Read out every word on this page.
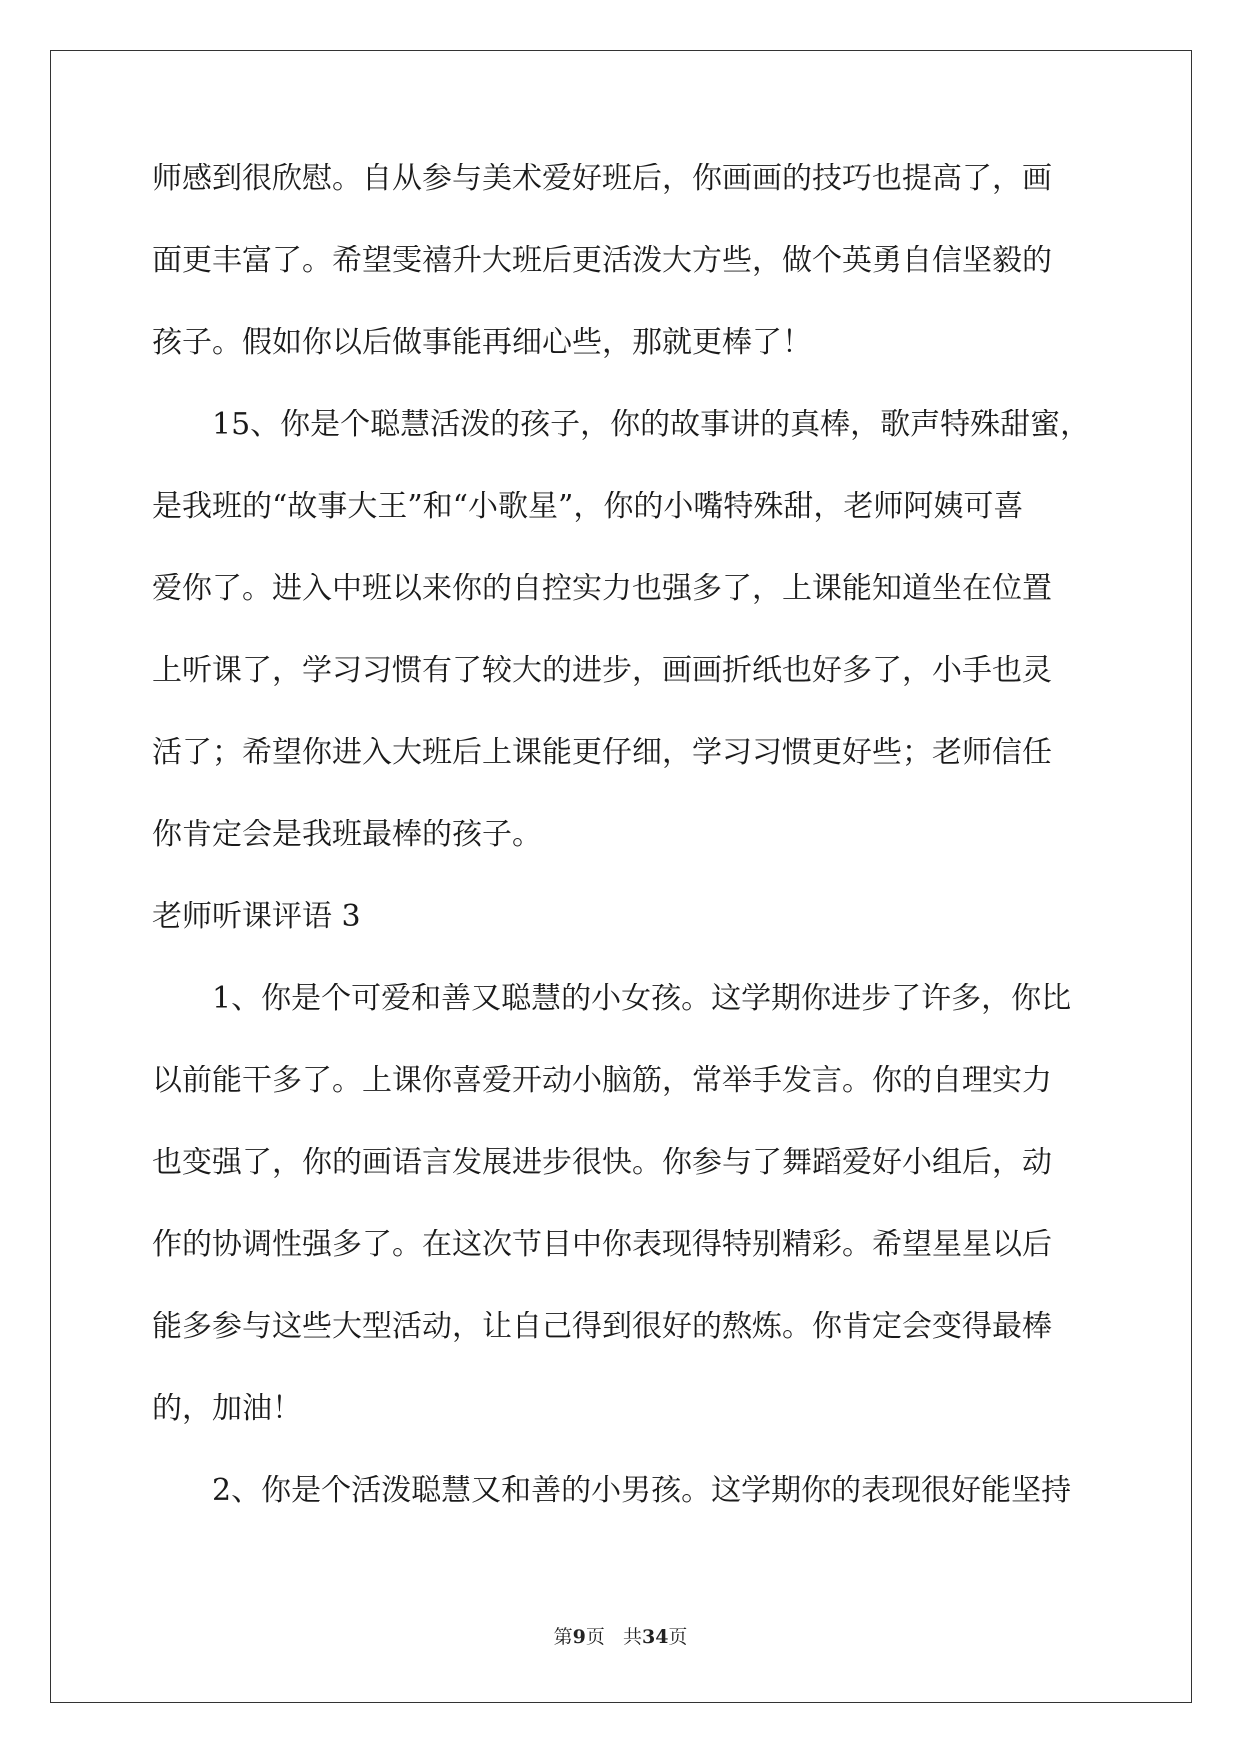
师感到很欣慰。自从参与美术爱好班后，你画画的技巧也提高了，画
面更丰富了。希望雯禧升大班后更活泼大方些，做个英勇自信坚毅的
孩子。假如你以后做事能再细心些，那就更棒了！
　　15、你是个聪慧活泼的孩子，你的故事讲的真棒，歌声特殊甜蜜，
是我班的“故事大王”和“小歌星”，你的小嘴特殊甜，老师阿姨可喜
爱你了。进入中班以来你的自控实力也强多了，上课能知道坐在位置
上听课了，学习习惯有了较大的进步，画画折纸也好多了，小手也灵
活了；希望你进入大班后上课能更仔细，学习习惯更好些；老师信任
你肯定会是我班最棒的孩子。
老师听课评语 3
　　1、你是个可爱和善又聪慧的小女孩。这学期你进步了许多，你比
以前能干多了。上课你喜爱开动小脑筋，常举手发言。你的自理实力
也变强了，你的画语言发展进步很快。你参与了舞蹈爱好小组后，动
作的协调性强多了。在这次节目中你表现得特别精彩。希望星星以后
能多参与这些大型活动，让自己得到很好的熬炼。你肯定会变得最棒
的，加油！
　　2、你是个活泼聪慧又和善的小男孩。这学期你的表现很好能坚持
第9页 共34页
